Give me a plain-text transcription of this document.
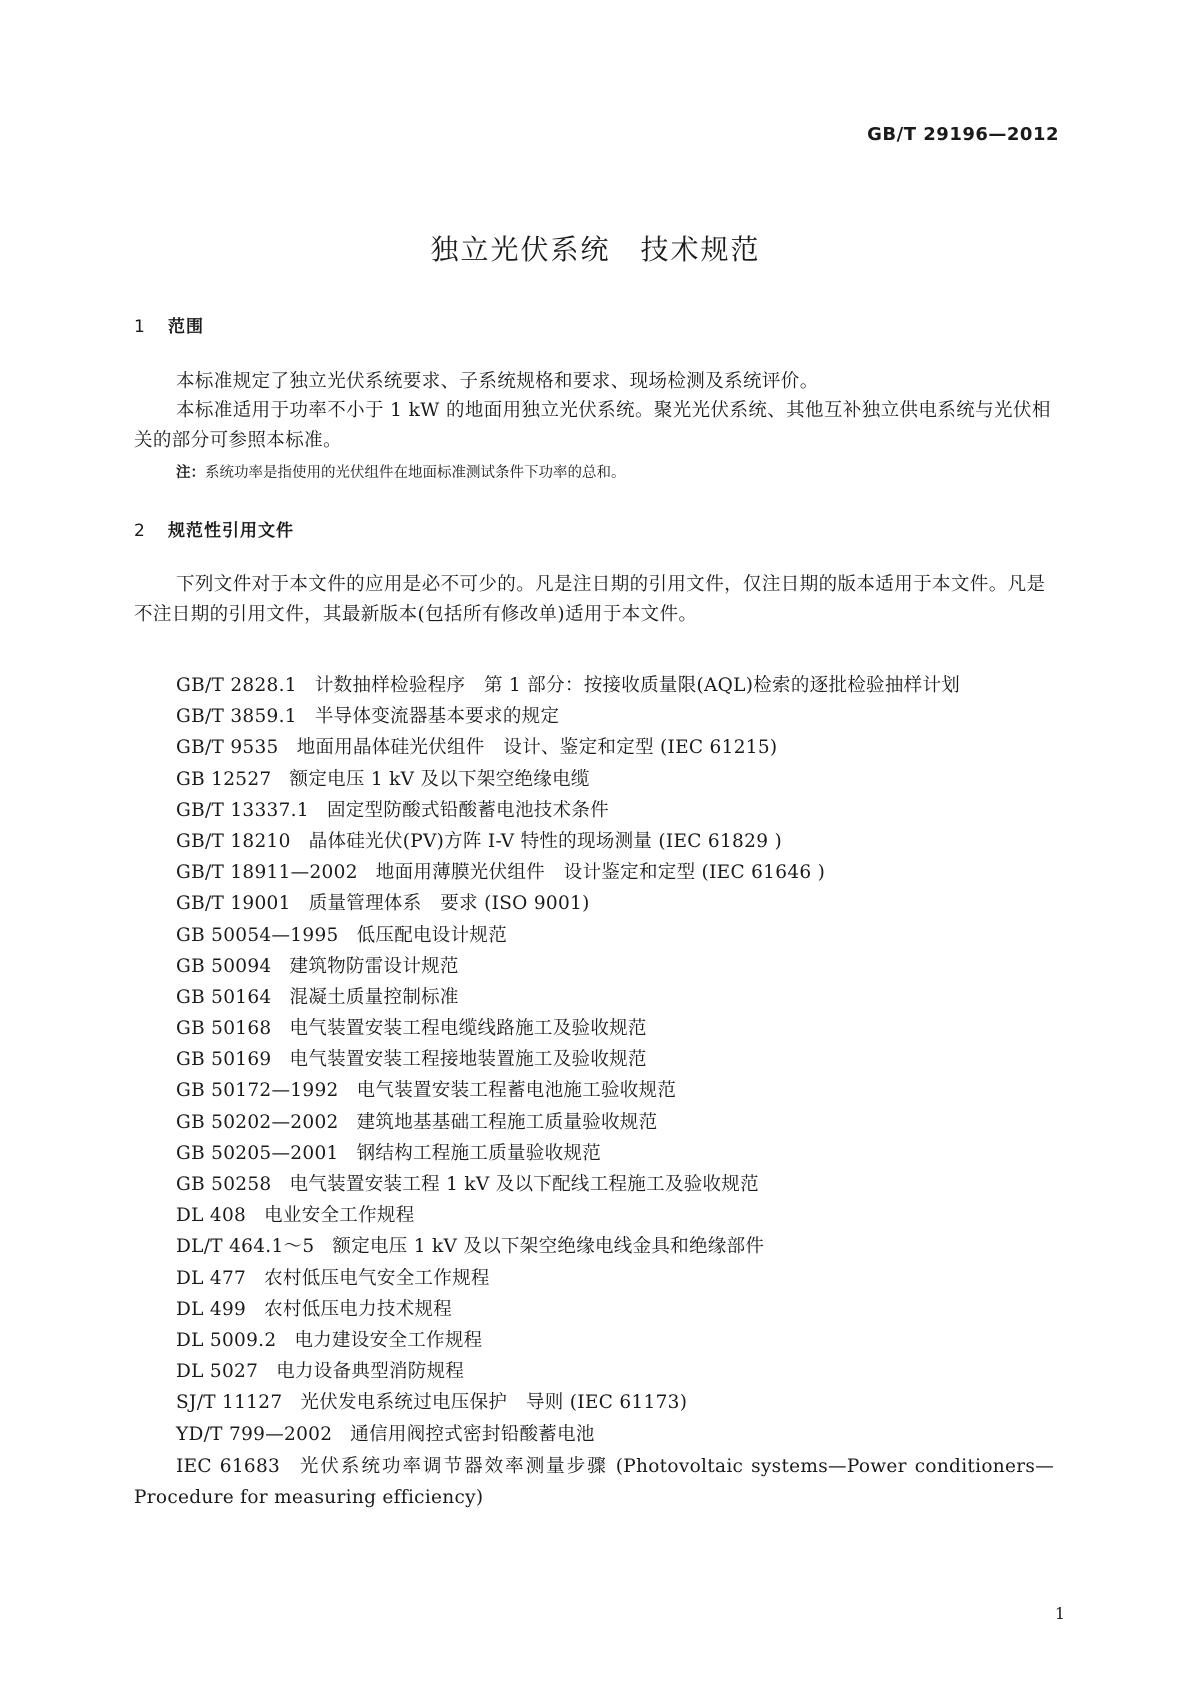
GB/T 29196—2012
独立光伏系统 技术规范
1 范围
本标准规定了独立光伏系统要求、子系统规格和要求、现场检测及系统评价。
本标准适用于功率不小于 1 kW 的地面用独立光伏系统。聚光光伏系统、其他互补独立供电系统与光伏相关的部分可参照本标准。
注：系统功率是指使用的光伏组件在地面标准测试条件下功率的总和。
2 规范性引用文件
下列文件对于本文件的应用是必不可少的。凡是注日期的引用文件，仅注日期的版本适用于本文件。凡是不注日期的引用文件，其最新版本(包括所有修改单)适用于本文件。
GB/T 2828.1 计数抽样检验程序　第 1 部分：按接收质量限(AQL)检索的逐批检验抽样计划
GB/T 3859.1 半导体变流器基本要求的规定
GB/T 9535 地面用晶体硅光伏组件　设计、鉴定和定型 (IEC 61215)
GB 12527 额定电压 1 kV 及以下架空绝缘电缆
GB/T 13337.1 固定型防酸式铅酸蓄电池技术条件
GB/T 18210 晶体硅光伏(PV)方阵 I-V 特性的现场测量 (IEC 61829 )
GB/T 18911—2002 地面用薄膜光伏组件　设计鉴定和定型 (IEC 61646 )
GB/T 19001 质量管理体系　要求 (ISO 9001)
GB 50054—1995 低压配电设计规范
GB 50094 建筑物防雷设计规范
GB 50164 混凝土质量控制标准
GB 50168 电气装置安装工程电缆线路施工及验收规范
GB 50169 电气装置安装工程接地装置施工及验收规范
GB 50172—1992 电气装置安装工程蓄电池施工验收规范
GB 50202—2002 建筑地基基础工程施工质量验收规范
GB 50205—2001 钢结构工程施工质量验收规范
GB 50258 电气装置安装工程 1 kV 及以下配线工程施工及验收规范
DL 408 电业安全工作规程
DL/T 464.1～5 额定电压 1 kV 及以下架空绝缘电线金具和绝缘部件
DL 477 农村低压电气安全工作规程
DL 499 农村低压电力技术规程
DL 5009.2 电力建设安全工作规程
DL 5027 电力设备典型消防规程
SJ/T 11127 光伏发电系统过电压保护　导则 (IEC 61173)
YD/T 799—2002 通信用阀控式密封铅酸蓄电池
IEC 61683 光伏系统功率调节器效率测量步骤 (Photovoltaic systems—Power conditioners—
Procedure for measuring efficiency)
1
